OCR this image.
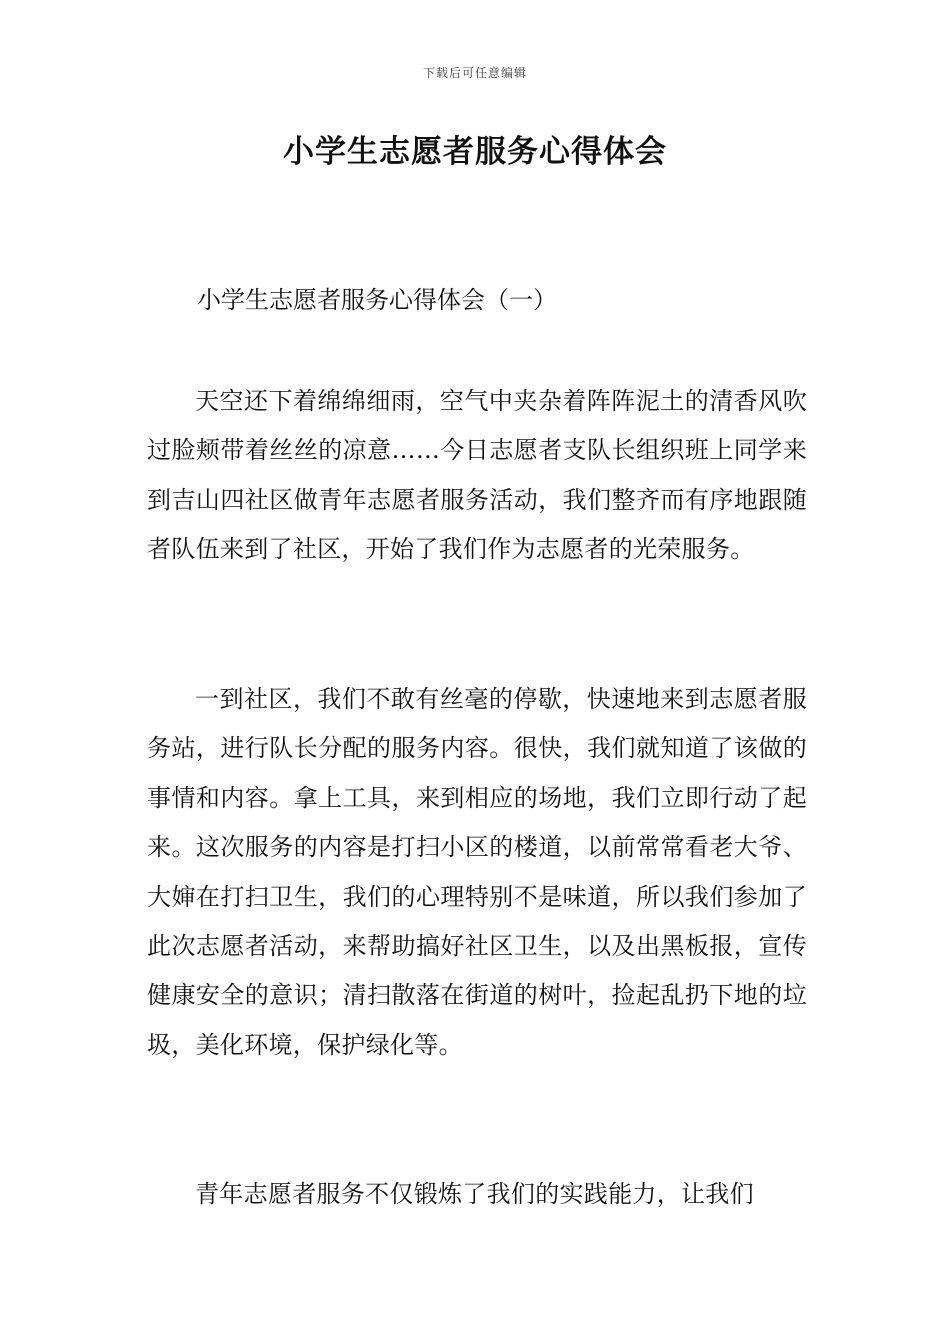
下载后可任意编辑
小学生志愿者服务心得体会
小学生志愿者服务心得体会（一）
天空还下着绵绵细雨，空气中夹杂着阵阵泥土的清香风吹过脸颊带着丝丝的凉意……今日志愿者支队长组织班上同学来到吉山四社区做青年志愿者服务活动，我们整齐而有序地跟随者队伍来到了社区，开始了我们作为志愿者的光荣服务。
一到社区，我们不敢有丝毫的停歇，快速地来到志愿者服务站，进行队长分配的服务内容。很快，我们就知道了该做的事情和内容。拿上工具，来到相应的场地，我们立即行动了起来。这次服务的内容是打扫小区的楼道，以前常常看老大爷、大婶在打扫卫生，我们的心理特别不是味道，所以我们参加了此次志愿者活动，来帮助搞好社区卫生，以及出黑板报，宣传健康安全的意识；清扫散落在街道的树叶，捡起乱扔下地的垃圾，美化环境，保护绿化等。
青年志愿者服务不仅锻炼了我们的实践能力，让我们
